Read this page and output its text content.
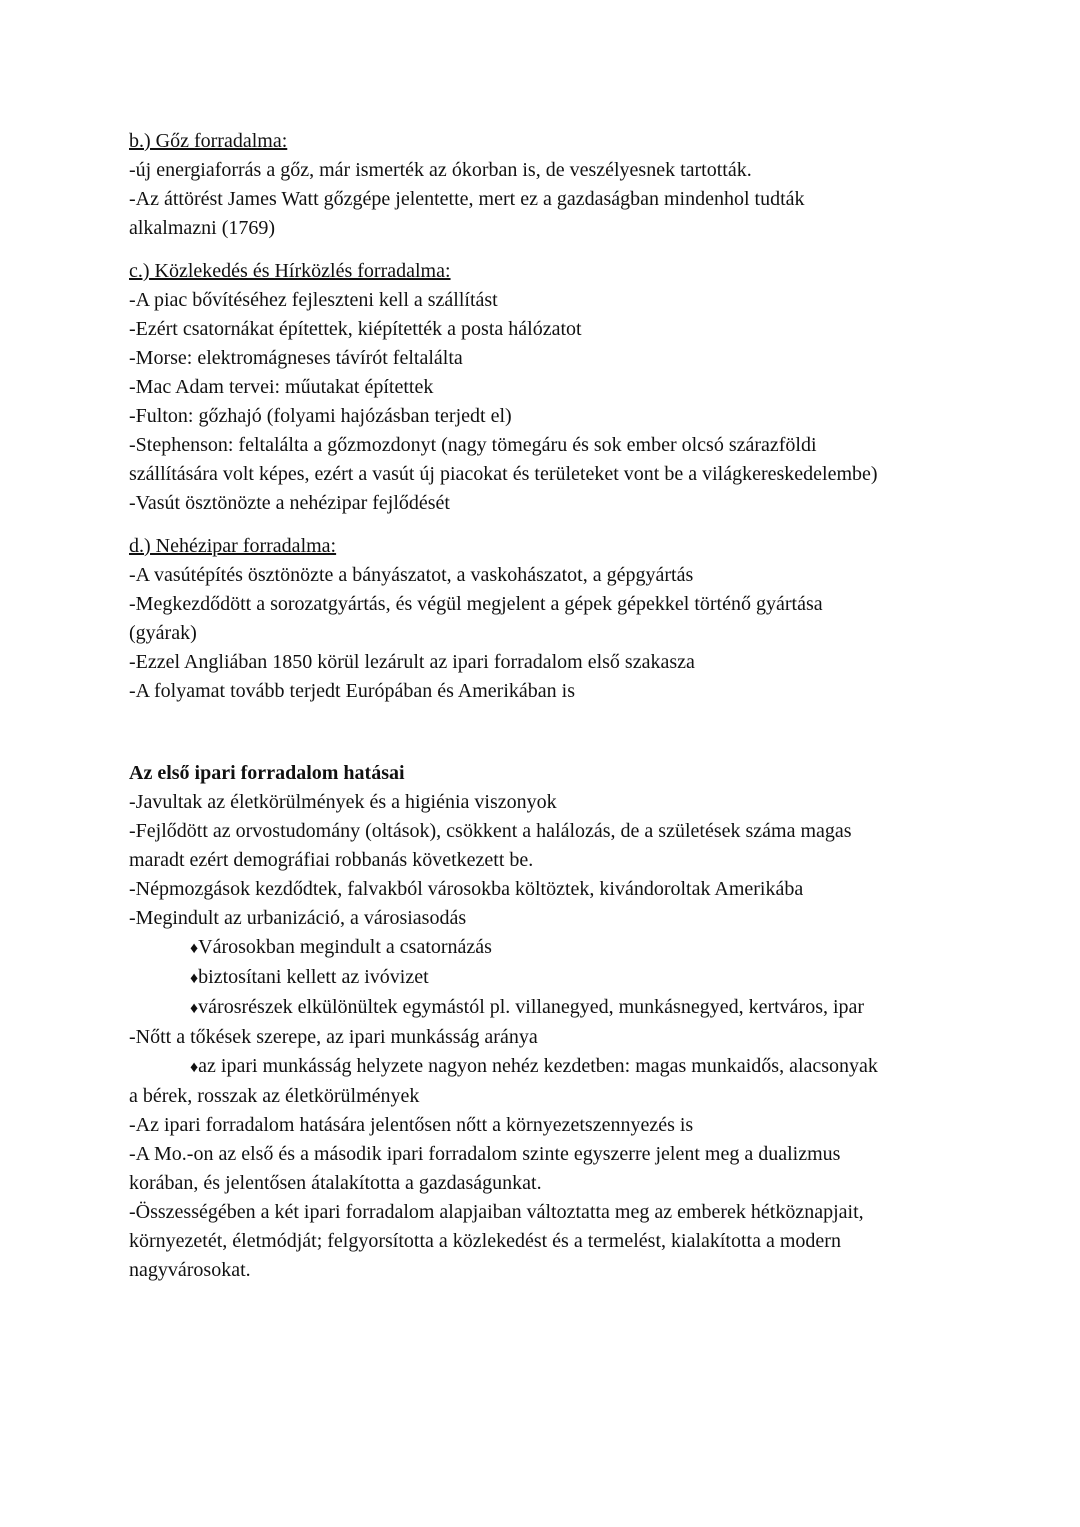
b.) Gőz forradalma:
-új energiaforrás a gőz, már ismerték az ókorban is, de veszélyesnek tartották.
-Az áttörést James Watt gőzgépe jelentette, mert ez a gazdaságban mindenhol tudták
alkalmazni (1769)
c.) Közlekedés és Hírközlés forradalma:
-A piac bővítéséhez fejleszteni kell a szállítást
-Ezért csatornákat építettek, kiépítették a posta hálózatot
-Morse: elektromágneses távírót feltalálta
-Mac Adam tervei: műutakat építettek
-Fulton: gőzhajó (folyami hajózásban terjedt el)
-Stephenson: feltalálta a gőzmozdonyt (nagy tömegáru és sok ember olcsó szárazföldi
szállítására volt képes, ezért a vasút új piacokat és területeket vont be a világkereskedelembe)
-Vasút ösztönözte a nehézipar fejlődését
d.) Nehézipar forradalma:
-A vasútépítés ösztönözte a bányászatot, a vaskohászatot, a gépgyártás
-Megkezdődött a sorozatgyártás, és végül megjelent a gépek gépekkel történő gyártása
(gyárak)
-Ezzel Angliában 1850 körül lezárult az ipari forradalom első szakasza
-A folyamat tovább terjedt Európában és Amerikában is
Az első ipari forradalom hatásai
-Javultak az életkörülmények és a higiénia viszonyok
-Fejlődött az orvostudomány (oltások), csökkent a halálozás, de a születések száma magas
maradt ezért demográfiai robbanás következett be.
-Népmozgások kezdődtek, falvakból városokba költöztek, kivándoroltak Amerikába
-Megindult az urbanizáció, a városiasodás
♦Városokban megindult a csatornázás
♦biztosítani kellett az ivóvizet
♦városrészek elkülönültek egymástól pl. villanegyed, munkásnegyed, kertváros, ipar
-Nőtt a tőkések szerepe, az ipari munkásság aránya
♦az ipari munkásság helyzete nagyon nehéz kezdetben: magas munkaidős, alacsonyak
a bérek, rosszak az életkörülmények
-Az ipari forradalom hatására jelentősen nőtt a környezetszennyezés is
-A Mo.-on az első és a második ipari forradalom szinte egyszerre jelent meg a dualizmus
korában, és jelentősen átalakította a gazdaságunkat.
-Összességében a két ipari forradalom alapjaiban változtatta meg az emberek hétköznapjait,
környezetét, életmódját; felgyorsította a közlekedést és a termelést, kialakította a modern
nagyvárosokat.
